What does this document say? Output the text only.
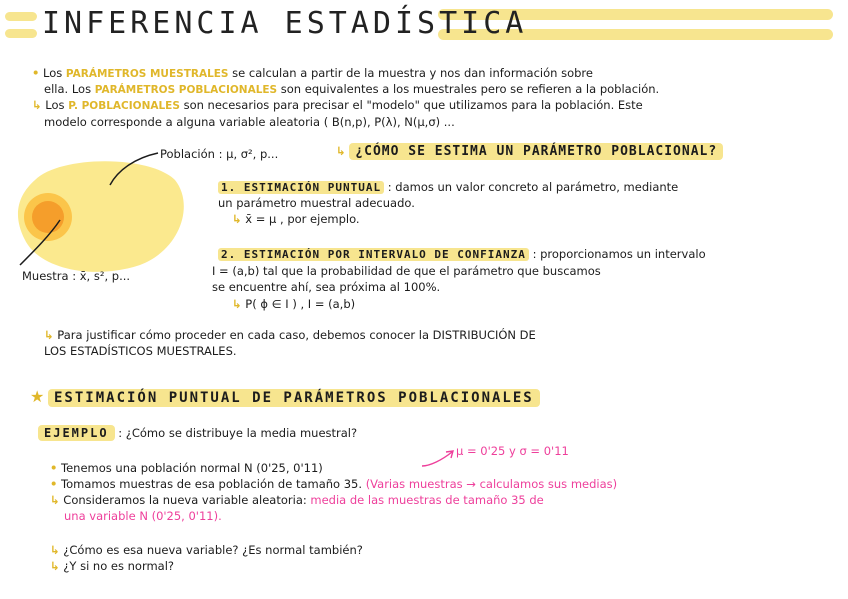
INFERENCIA ESTADÍSTICA
• Los PARÁMETROS MUESTRALES se calculan a partir de la muestra y nos dan información sobre
ella. Los PARÁMETROS POBLACIONALES son equivalentes a los muestrales pero se refieren a la población.
↳ Los P. POBLACIONALES son necesarios para precisar el "modelo" que utilizamos para la población. Este
modelo corresponde a alguna variable aleatoria ( B(n,p), P(λ), N(μ,σ) ...
Población : μ, σ², p...
Muestra : x̄, s², p...
↳ ¿CÓMO SE ESTIMA UN PARÁMETRO POBLACIONAL?
1. ESTIMACIÓN PUNTUAL : damos un valor concreto al parámetro, mediante
un parámetro muestral adecuado.
↳ x̄ = μ , por ejemplo.
2. ESTIMACIÓN POR INTERVALO DE CONFIANZA : proporcionamos un intervalo
I = (a,b) tal que la probabilidad de que el parámetro que buscamos
se encuentre ahí, sea próxima al 100%.
↳ P( ϕ ∈ I ) , I = (a,b)
↳ Para justificar cómo proceder en cada caso, debemos conocer la DISTRIBUCIÓN DE
LOS ESTADÍSTICOS MUESTRALES.
★ ESTIMACIÓN PUNTUAL DE PARÁMETROS POBLACIONALES
EJEMPLO : ¿Cómo se distribuye la media muestral?
μ = 0'25 y σ = 0'11
• Tenemos una población normal N (0'25, 0'11)
• Tomamos muestras de esa población de tamaño 35. (Varias muestras → calculamos sus medias)
↳ Consideramos la nueva variable aleatoria: media de las muestras de tamaño 35 de
una variable N (0'25, 0'11).
↳ ¿Cómo es esa nueva variable? ¿Es normal también?
↳ ¿Y si no es normal?
